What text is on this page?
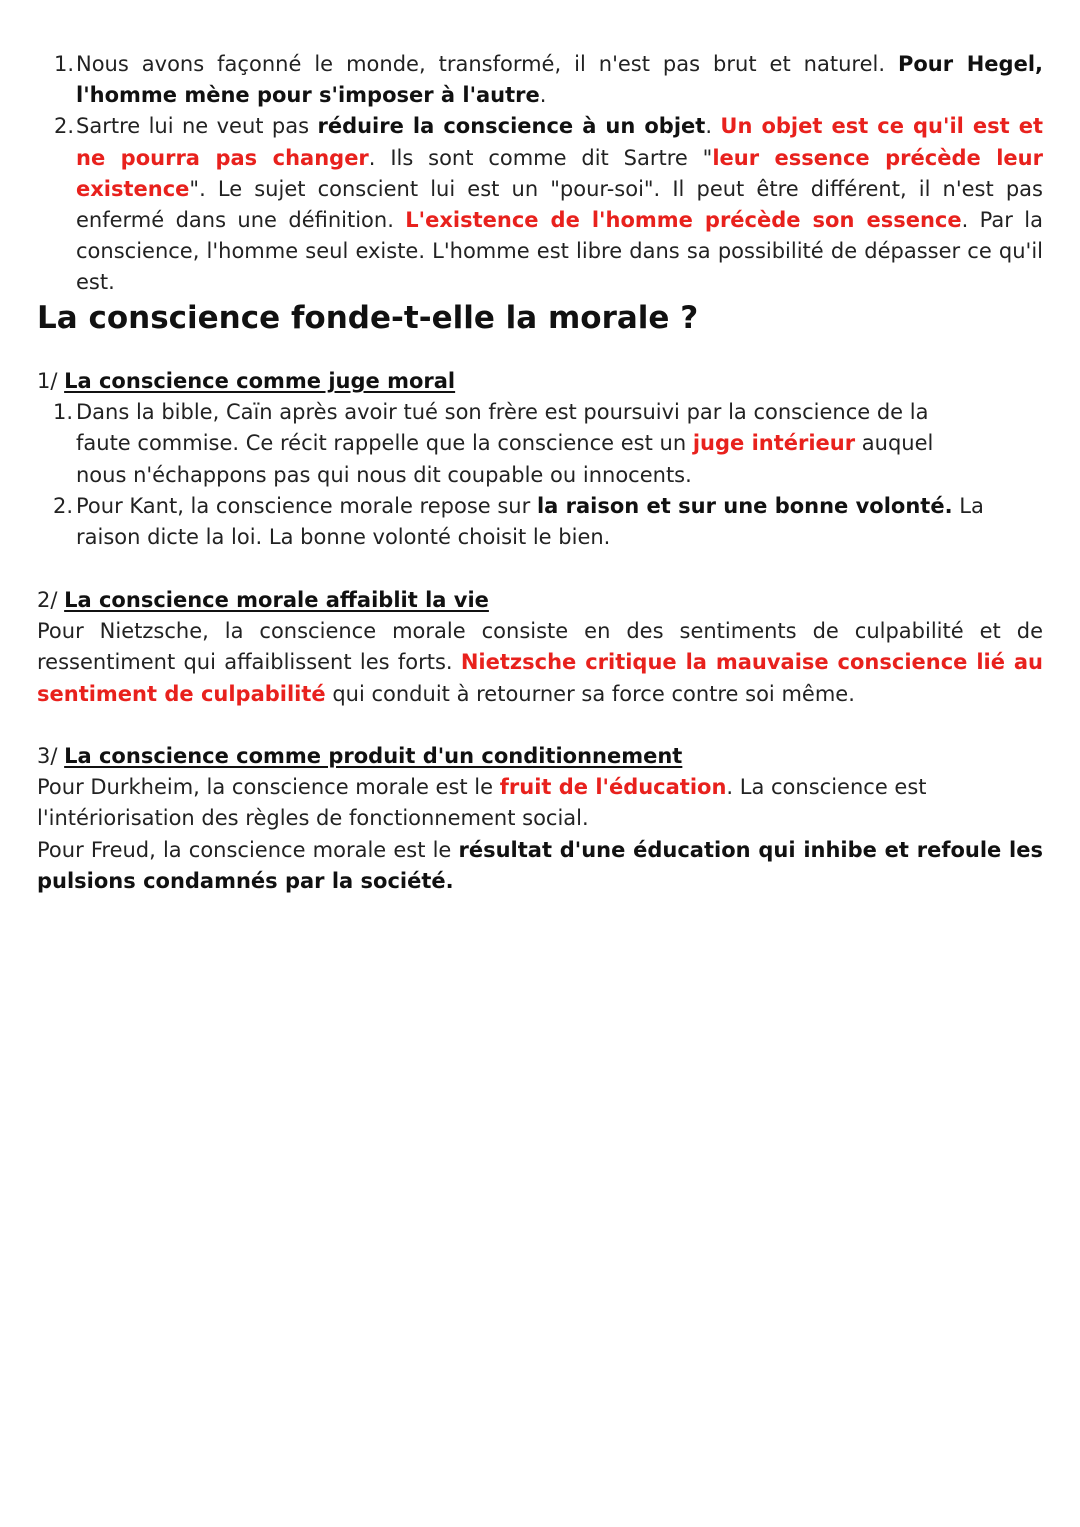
1. Nous avons façonné le monde, transformé, il n'est pas brut et naturel. Pour Hegel, l'homme mène pour s'imposer à l'autre.
2. Sartre lui ne veut pas réduire la conscience à un objet. Un objet est ce qu'il est et ne pourra pas changer. Ils sont comme dit Sartre "leur essence précède leur existence". Le sujet conscient lui est un "pour-soi". Il peut être différent, il n'est pas enfermé dans une définition. L'existence de l'homme précède son essence. Par la conscience, l'homme seul existe. L'homme est libre dans sa possibilité de dépasser ce qu'il est.
La conscience fonde-t-elle la morale ?
1/ La conscience comme juge moral
1. Dans la bible, Caïn après avoir tué son frère est poursuivi par la conscience de la faute commise. Ce récit rappelle que la conscience est un juge intérieur auquel nous n'échappons pas qui nous dit coupable ou innocents.
2. Pour Kant, la conscience morale repose sur la raison et sur une bonne volonté. La raison dicte la loi. La bonne volonté choisit le bien.
2/ La conscience morale affaiblit la vie

Pour Nietzsche, la conscience morale consiste en des sentiments de culpabilité et de ressentiment qui affaiblissent les forts. Nietzsche critique la mauvaise conscience lié au sentiment de culpabilité qui conduit à retourner sa force contre soi même.

3/ La conscience comme produit d'un conditionnement

Pour Durkheim, la conscience morale est le fruit de l'éducation. La conscience est
l'intériorisation des règles de fonctionnement social.

Pour Freud, la conscience morale est le résultat d'une éducation qui inhibe et refoule les pulsions condamnés par la société.
